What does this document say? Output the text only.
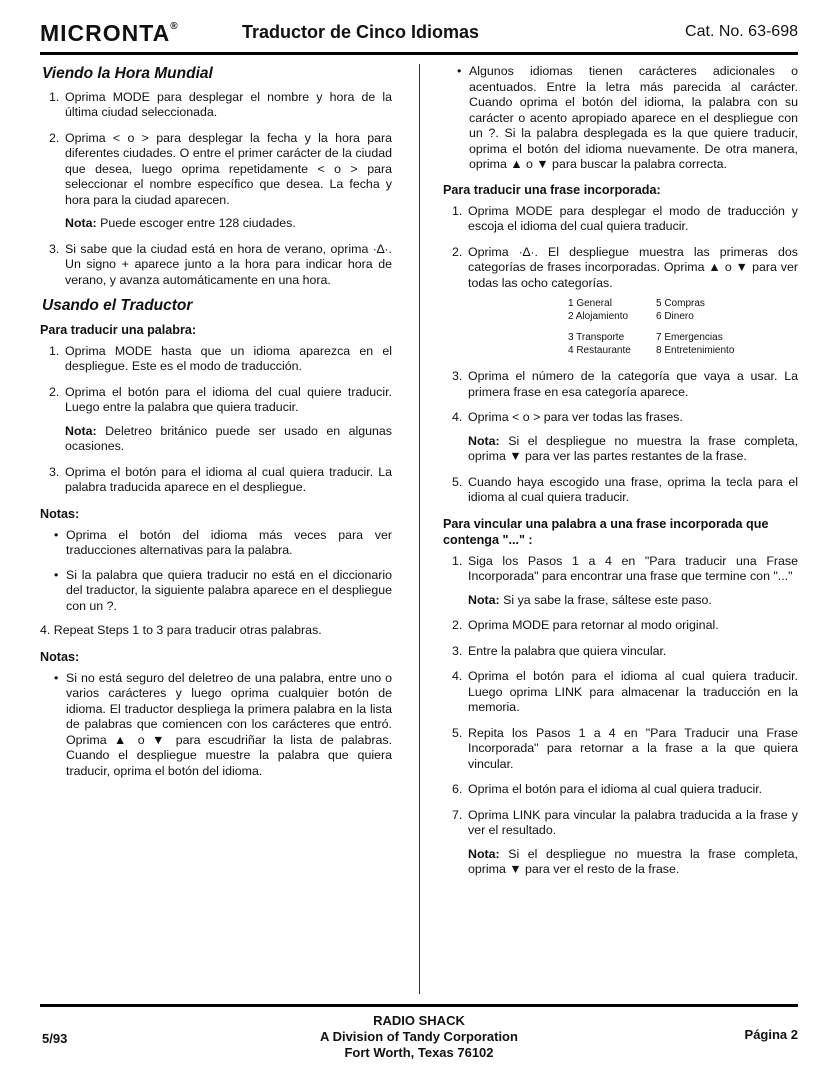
MICRONTA®	Traductor de Cinco Idiomas	Cat. No. 63-698
Viendo la Hora Mundial
1. Oprima MODE para desplegar el nombre y hora de la última ciudad seleccionada.
2. Oprima < o > para desplegar la fecha y la hora para diferentes ciudades. O entre el primer carácter de la ciudad que desea, luego oprima repetidamente < o > para seleccionar el nombre específico que desea. La fecha y hora para la ciudad aparecen.
Nota: Puede escoger entre 128 ciudades.
3. Si sabe que la ciudad está en hora de verano, oprima ·∆·. Un signo + aparece junto a la hora para indicar hora de verano, y avanza automáticamente en una hora.
Usando el Traductor
Para traducir una palabra:
1. Oprima MODE hasta que un idioma aparezca en el despliegue. Este es el modo de traducción.
2. Oprima el botón para el idioma del cual quiere traducir. Luego entre la palabra que quiera traducir.
Nota: Deletreo británico puede ser usado en algunas ocasiones.
3. Oprima el botón para el idioma al cual quiera traducir. La palabra traducida aparece en el despliegue.
Notas:
• Oprima el botón del idioma más veces para ver traducciones alternativas para la palabra.
• Si la palabra que quiera traducir no está en el diccionario del traductor, la siguiente palabra aparece en el despliegue con un ?.

4. Repeat Steps 1 to 3 para traducir otras palabras.

Notas:
• Si no está seguro del deletreo de una palabra, entre uno o varios carácteres y luego oprima cualquier botón de idioma. El traductor despliega la primera palabra en la lista de palabras que comiencen con los carácteres que entró. Oprima ▲ o ▼ para escudriñar la lista de palabras. Cuando el despliegue muestre la palabra que quiera traducir, oprima el botón del idioma.
• Algunos idiomas tienen carácteres adicionales o acentuados. Entre la letra más parecida al carácter. Cuando oprima el botón del idioma, la palabra con su carácter o acento apropiado aparece en el despliegue con un ?. Si la palabra desplegada es la que quiere traducir, oprima el botón del idioma nuevamente. De otra manera, oprima ▲ o ▼ para buscar la palabra correcta.
Para traducir una frase incorporada:
1. Oprima MODE para desplegar el modo de traducción y escoja el idioma del cual quiera traducir.
2. Oprima ·∆·. El despliegue muestra las primeras dos categorías de frases incorporadas. Oprima ▲ o ▼ para ver todas las ocho categorías.
1 General	5 Compras
2 Alojamiento	6 Dinero
3 Transporte	7 Emergencias
4 Restaurante	8 Entretenimiento
3. Oprima el número de la categoría que vaya a usar. La primera frase en esa categoría aparece.
4. Oprima < o > para ver todas las frases.
Nota: Si el despliegue no muestra la frase completa, oprima ▼ para ver las partes restantes de la frase.
5. Cuando haya escogido una frase, oprima la tecla para el idioma al cual quiera traducir.
Para vincular una palabra a una frase incorporada que contenga "..." :
1. Siga los Pasos 1 a 4 en "Para traducir una Frase Incorporada" para encontrar una frase que termine con "..."
Nota: Si ya sabe la frase, sáltese este paso.
2. Oprima MODE para retornar al modo original.
3. Entre la palabra que quiera vincular.
4. Oprima el botón para el idioma al cual quiera traducir. Luego oprima LINK para almacenar la traducción en la memoria.
5. Repita los Pasos 1 a 4 en "Para Traducir una Frase Incorporada" para retornar a la frase a la que quiera vincular.
6. Oprima el botón para el idioma al cual quiera traducir.
7. Oprima LINK para vincular la palabra traducida a la frase y ver el resultado.
Nota: Si el despliegue no muestra la frase completa, oprima ▼ para ver el resto de la frase.
5/93
RADIO SHACK
A Division of Tandy Corporation
Fort Worth, Texas 76102
Página 2
